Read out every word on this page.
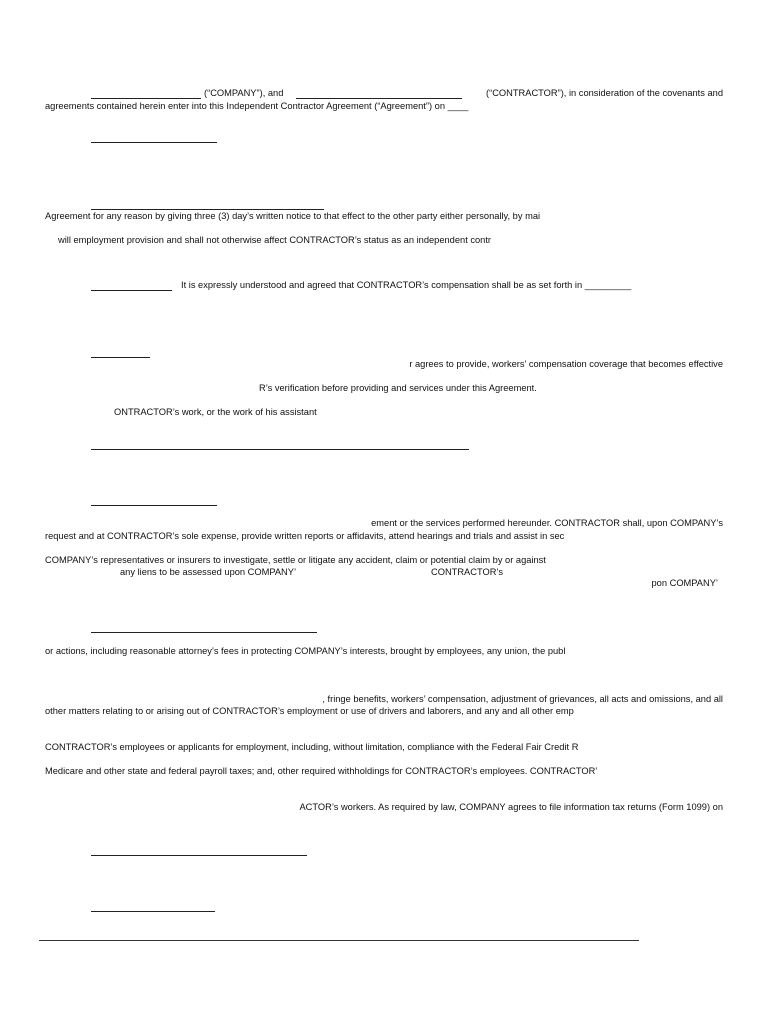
(“COMPANY”), and	(“CONTRACTOR”), in consideration of the covenants and
agreements contained herein enter into this Independent Contractor Agreement (“Agreement”) on ____
Agreement for any reason by giving three (3) day’s written notice to that effect to the other party either personally, by mai
will employment provision and shall not otherwise affect CONTRACTOR’s status as an independent contr
It is expressly understood and agreed that CONTRACTOR’s compensation shall be as set forth in _________
r agrees to provide, workers’ compensation coverage that becomes effective
R’s verification before providing and services under this Agreement.
ONTRACTOR’s work, or the work of his assistant
ement or the services performed hereunder. CONTRACTOR shall, upon COMPANY’s
request and at CONTRACTOR’s sole expense, provide written reports or affidavits, attend hearings and trials and assist in sec
COMPANY’s representatives or insurers to investigate, settle or litigate any accident, claim or potential claim by or against
any liens to be assessed upon COMPANY’	CONTRACTOR’s
pon COMPANY’
or actions, including reasonable attorney’s fees in protecting COMPANY’s interests, brought by employees, any union, the publ
, fringe benefits, workers’ compensation, adjustment of grievances, all acts and omissions, and all
other matters relating to or arising out of CONTRACTOR’s employment or use of drivers and laborers, and any and all other emp
CONTRACTOR’s employees or applicants for employment, including, without limitation, compliance with the Federal Fair Credit R
Medicare and other state and federal payroll taxes; and, other required withholdings for CONTRACTOR’s employees. CONTRACTOR’
ACTOR’s workers. As required by law, COMPANY agrees to file information tax returns (Form 1099) on
